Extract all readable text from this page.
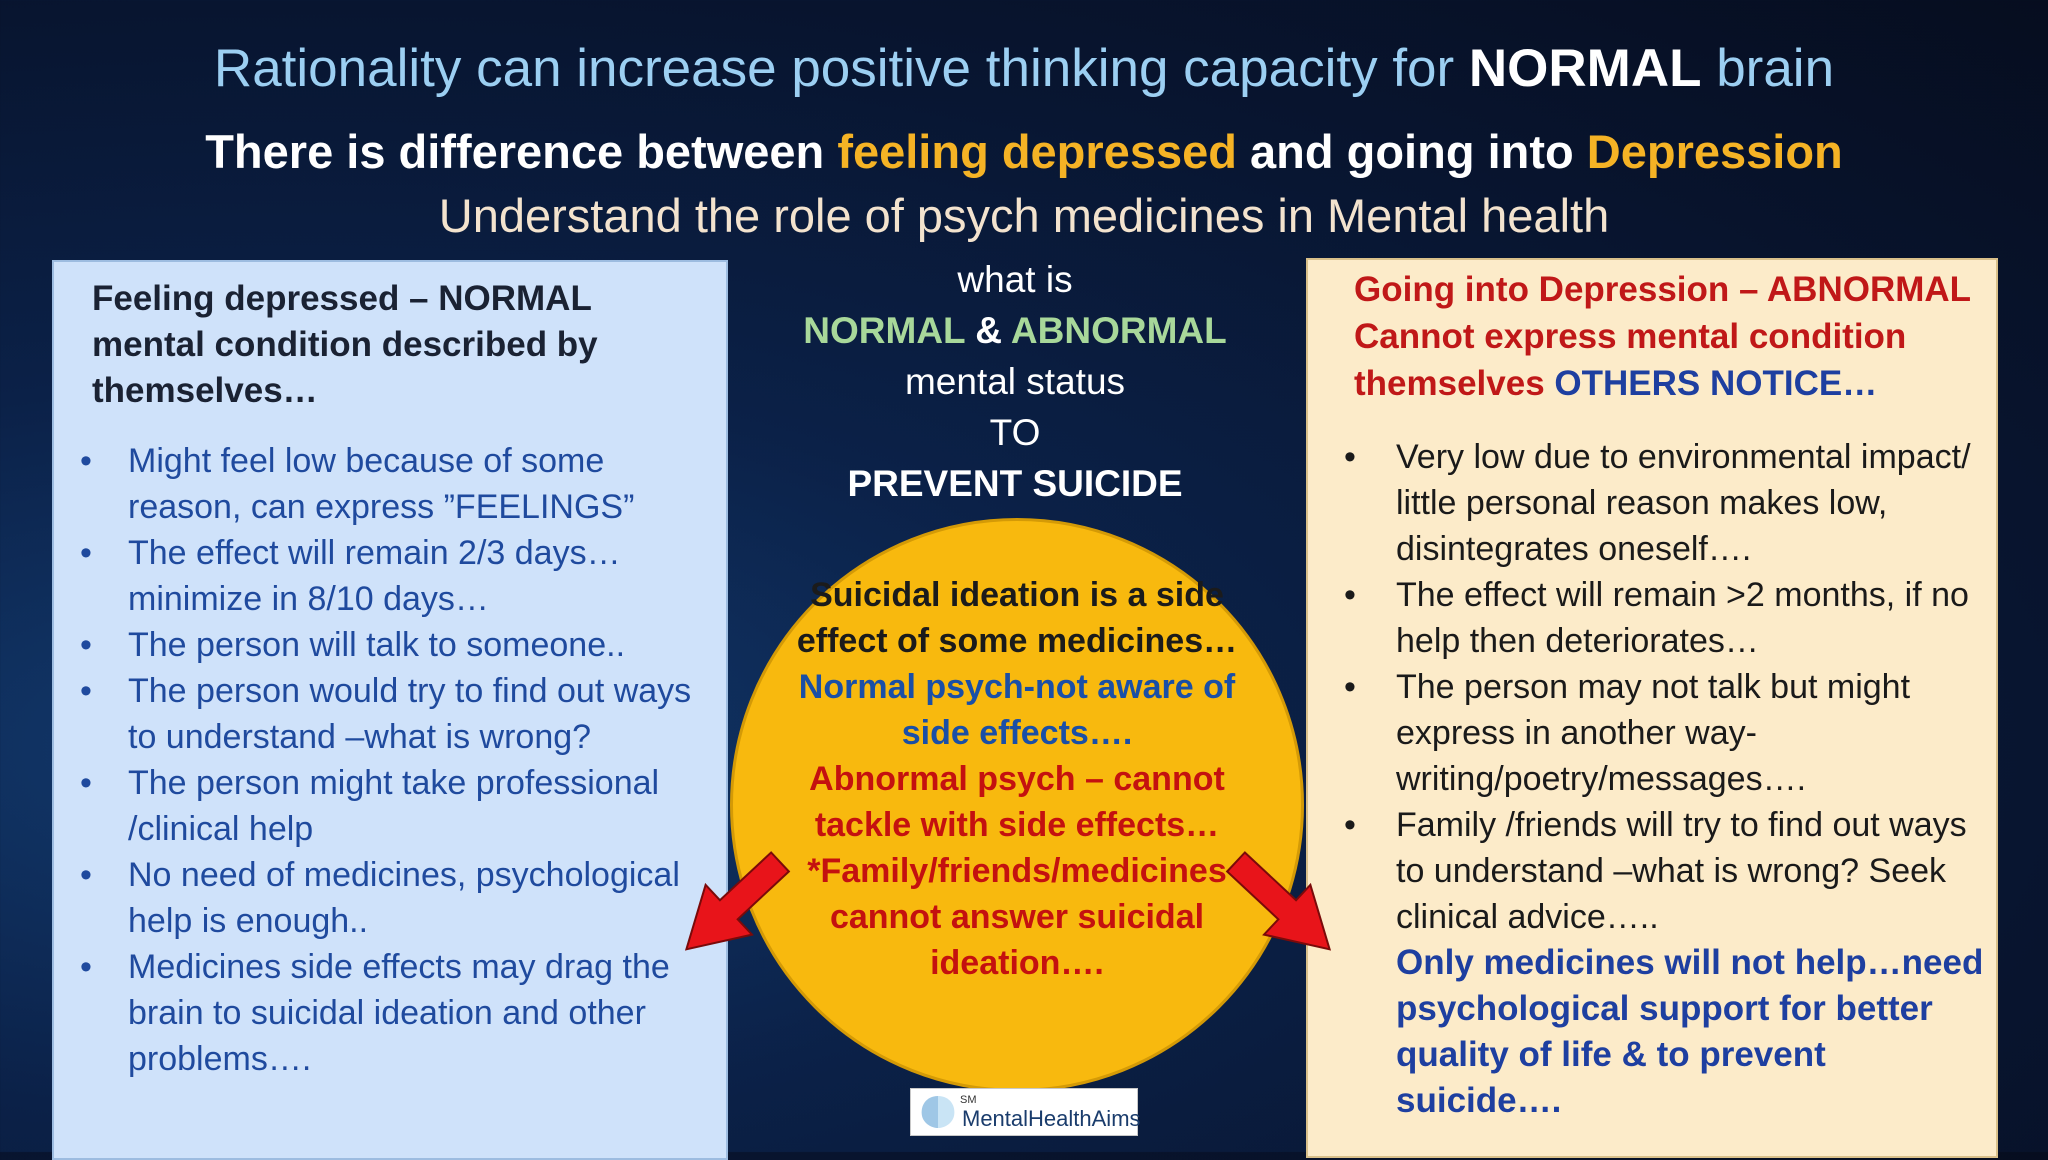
Rationality can increase positive thinking capacity for NORMAL brain
There is difference between feeling depressed and going into Depression
Understand the role of psych medicines in Mental health
Feeling depressed – NORMAL
mental condition described by
themselves…
• Might feel low because of some reason, can express ”FEELINGS”
• The effect will remain 2/3 days…minimize in 8/10 days…
• The person will talk to someone..
• The person would try to find out ways to understand –what is wrong?
• The person might take professional /clinical help
• No need of medicines, psychological help is enough..
• Medicines side effects may drag the brain to suicidal ideation and other problems….
Going into Depression – ABNORMAL
Cannot express mental condition
themselves OTHERS NOTICE…
• Very low due to environmental impact/ little personal reason makes low, disintegrates oneself….
• The effect will remain >2 months, if no help then deteriorates…
• The person may not talk but might express in another way- writing/poetry/messages….
• Family /friends will try to find out ways to understand –what is wrong? Seek clinical advice…..
Only medicines will not help…need psychological support for better quality of life & to prevent suicide….
what is
NORMAL & ABNORMAL
mental status
TO
PREVENT SUICIDE
Suicidal ideation is a side effect of some medicines…
Normal psych-not aware of side effects….
Abnormal psych – cannot tackle with side effects… *Family/friends/medicines cannot answer suicidal ideation….
SM
MentalHealthAims
